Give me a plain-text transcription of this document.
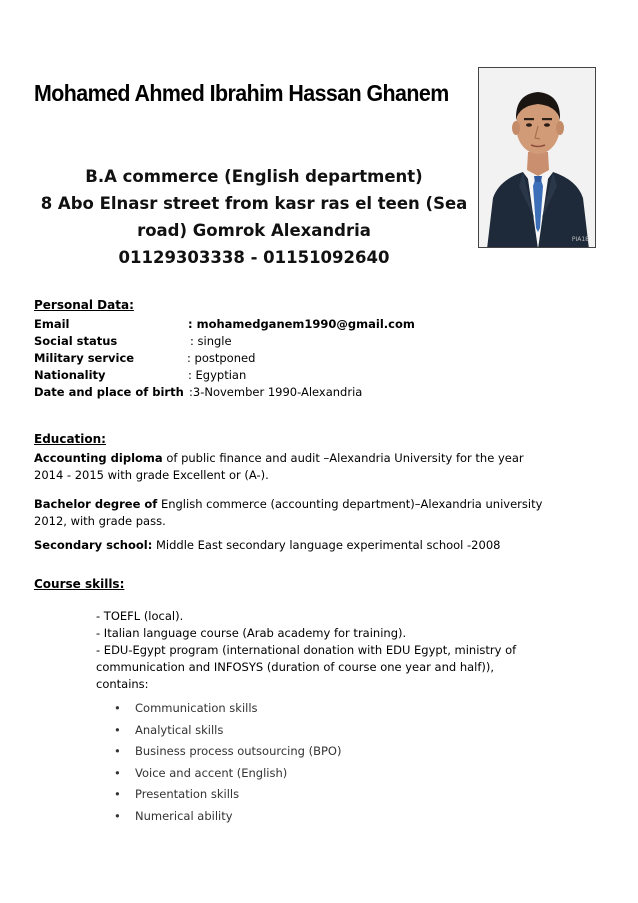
Mohamed Ahmed Ibrahim Hassan Ghanem
PIA18
B.A commerce (English department)
8 Abo Elnasr street from kasr ras el teen (Sea
road) Gomrok Alexandria
01129303338 - 01151092640
Personal Data:
Email	: mohamedganem1990@gmail.com
Social status	: single
Military service	: postponed
Nationality	: Egyptian
Date and place of birth :3-November 1990-Alexandria
Education:
Accounting diploma of public finance and audit –Alexandria University for the year
2014 - 2015 with grade Excellent or (A-).
Bachelor degree of English commerce (accounting department)–Alexandria university
2012, with grade pass.
Secondary school: Middle East secondary language experimental school -2008
Course skills:
- TOEFL (local).
- Italian language course (Arab academy for training).
- EDU-Egypt program (international donation with EDU Egypt, ministry of
communication and INFOSYS (duration of course one year and half)),
contains:
• Communication skills
• Analytical skills
• Business process outsourcing (BPO)
• Voice and accent (English)
• Presentation skills
• Numerical ability
